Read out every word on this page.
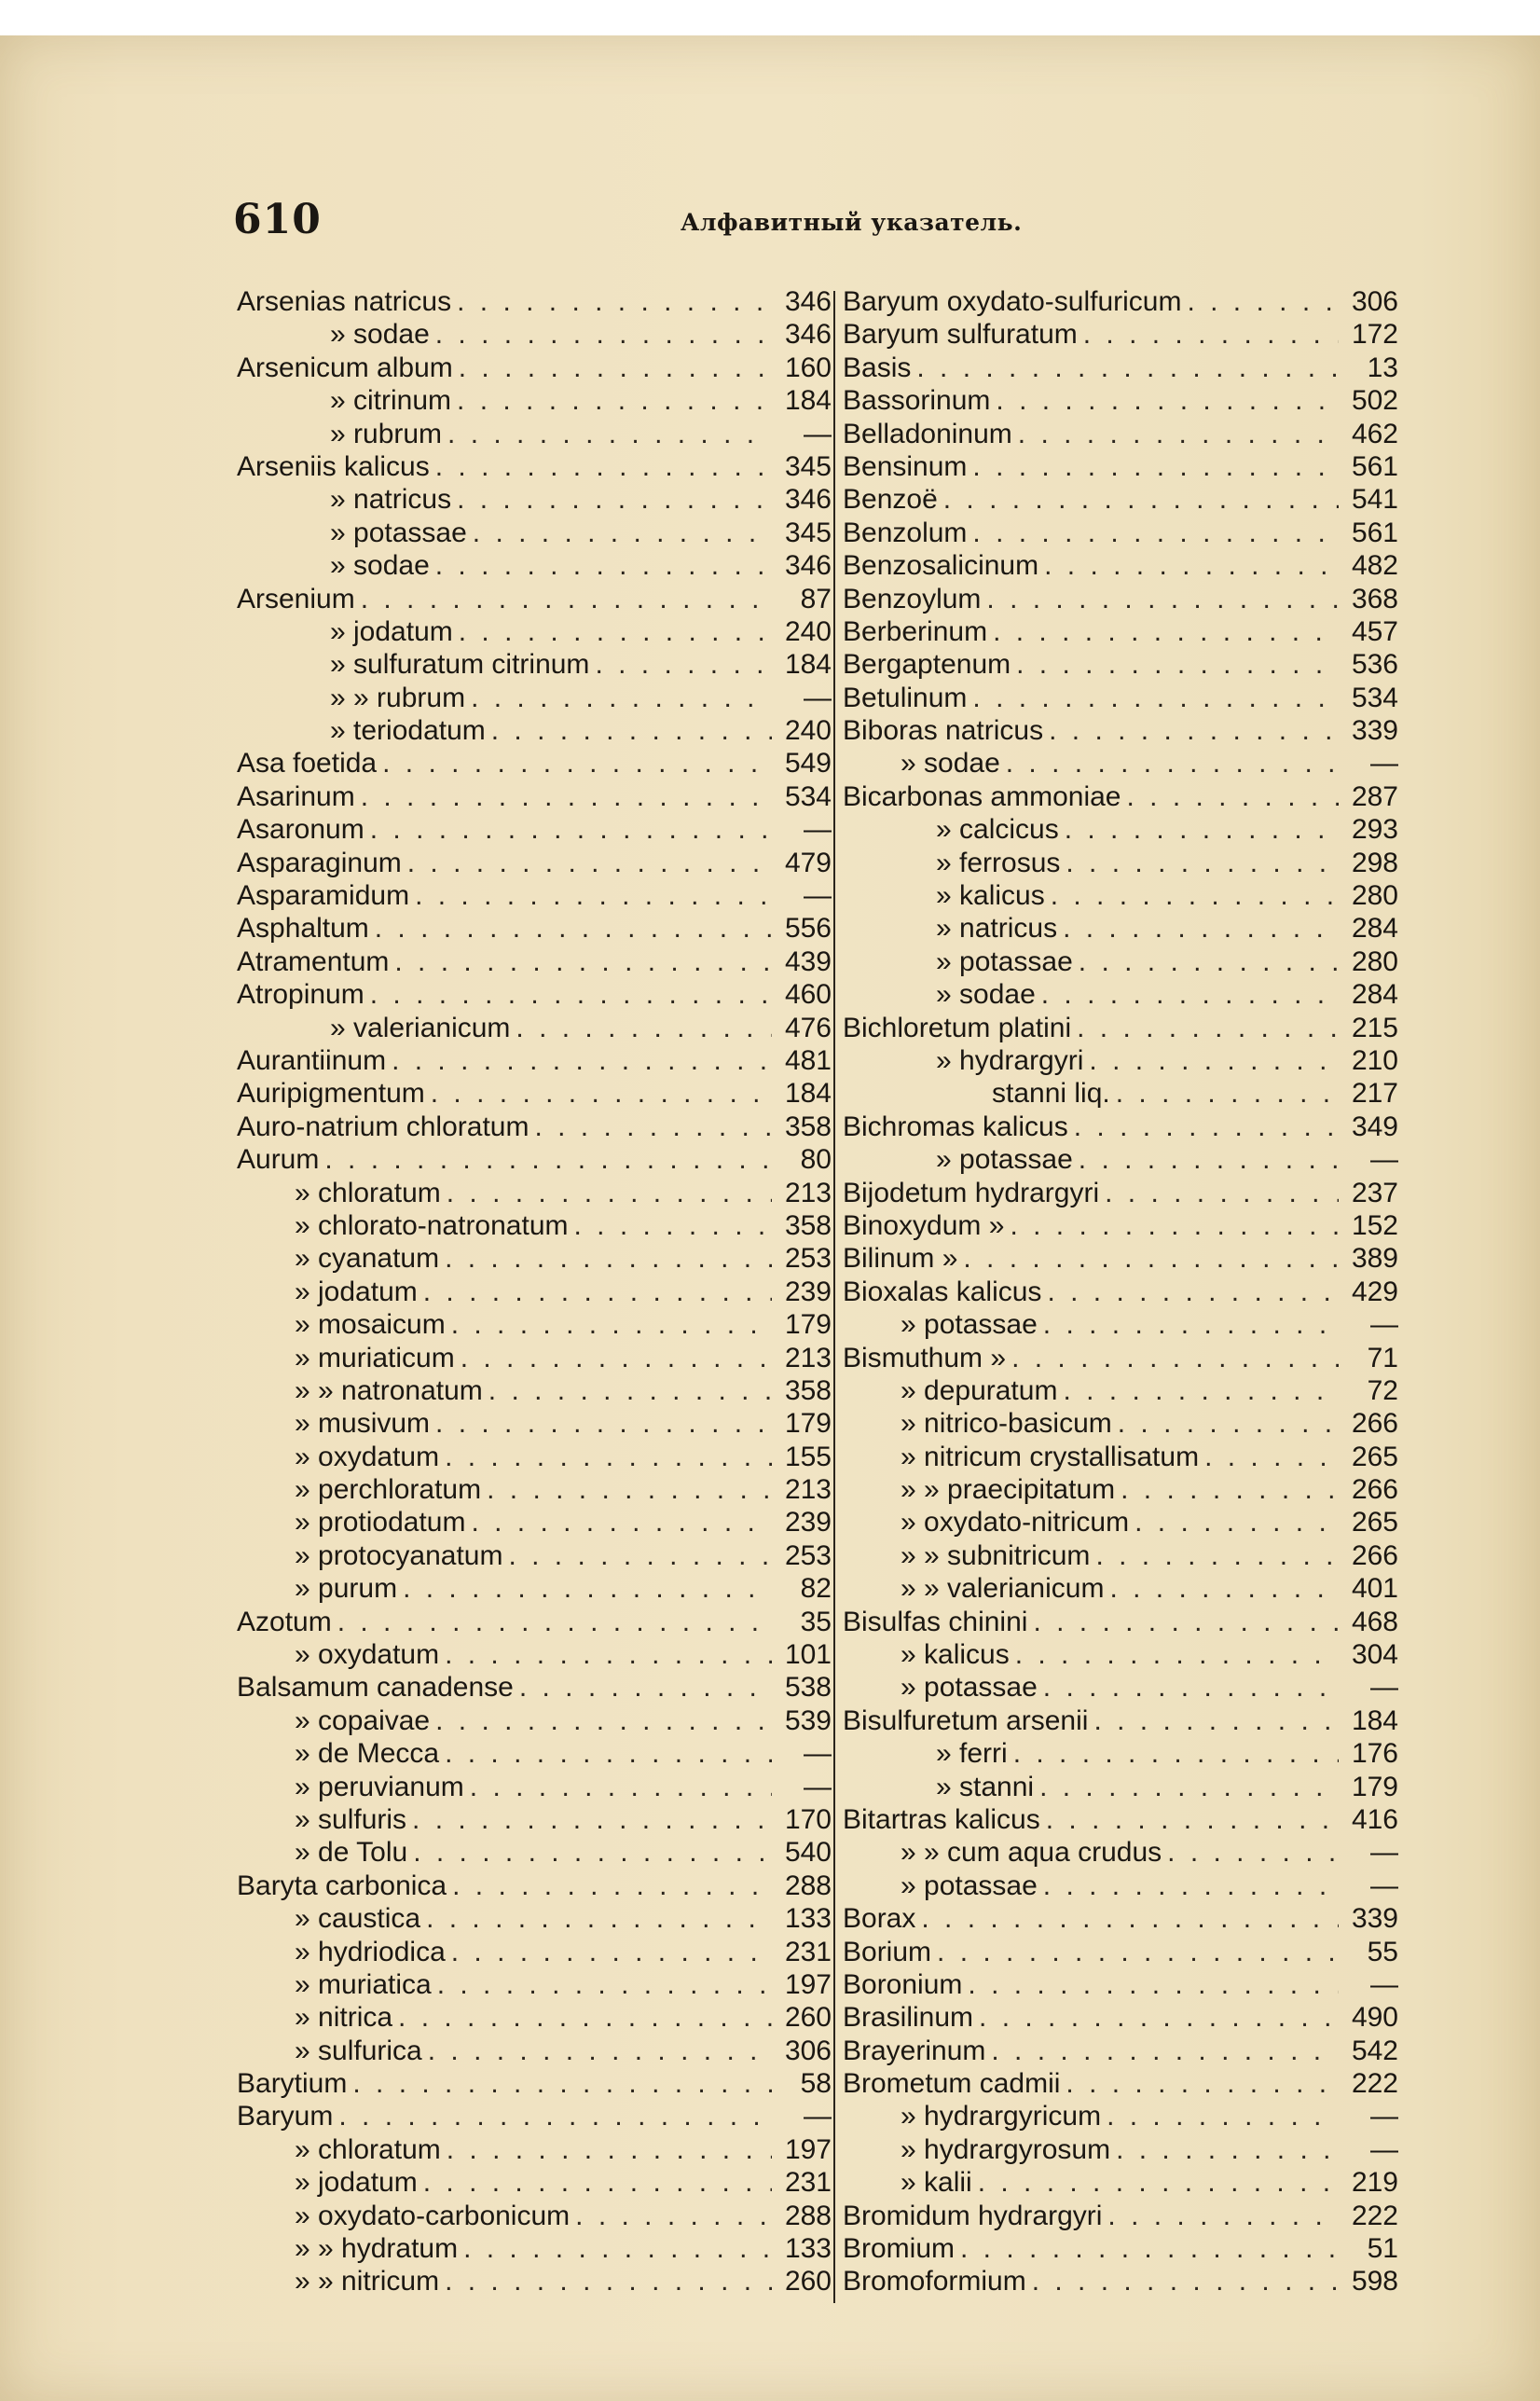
610	Алфавитный указатель.
Arsenias natricus . . .	346
» sodae . . .	346
Arsenicum album . . .	160
» citrinum . . .	184
» rubrum . . .	—
Arseniis kalicus . . .	345
» natricus . . .	346
» potassae . . .	345
» sodae . . .	346
Arsenium . . .	87
» jodatum . . .	240
» sulfuratum citrinum . . .	184
» » rubrum . . .	—
» teriodatum . . .	240
Asa foetida . . .	549
Asarinum . . .	534
Asaronum . . .	—
Asparaginum . . .	479
Asparamidum . . .	—
Asphaltum . . .	556
Atramentum . . .	439
Atropinum . . .	460
» valerianicum . . .	476
Aurantiinum . . .	481
Auripigmentum . . .	184
Auro-natrium chloratum . . .	358
Aurum . . .	80
» chloratum . . .	213
» chlorato-natronatum . . .	358
» cyanatum . . .	253
» jodatum . . .	239
» mosaicum . . .	179
» muriaticum . . .	213
» » natronatum . . .	358
» musivum . . .	179
» oxydatum . . .	155
» perchloratum . . .	213
» protiodatum . . .	239
» protocyanatum . . .	253
» purum . . .	82
Azotum . . .	35
» oxydatum . . .	101
Balsamum canadense . . .	538
» copaivae . . .	539
» de Mecca . . .	—
» peruvianum . . .	—
» sulfuris . . .	170
» de Tolu . . .	540
Baryta carbonica . . .	288
» caustica . . .	133
» hydriodica . . .	231
» muriatica . . .	197
» nitrica . . .	260
» sulfurica . . .	306
Barytium . . .	58
Baryum . . .	—
» chloratum . . .	197
» jodatum . . .	231
» oxydato-carbonicum . . .	288
» » hydratum . . .	133
» » nitricum . . .	260
Baryum oxydato-sulfuricum . . .	306
Baryum sulfuratum . . .	172
Basis . . .	13
Bassorinum . . .	502
Belladoninum . . .	462
Bensinum . . .	561
Benzoë . . .	541
Benzolum . . .	561
Benzosalicinum . . .	482
Benzoylum . . .	368
Berberinum . . .	457
Bergaptenum . . .	536
Betulinum . . .	534
Biboras natricus . . .	339
» sodae . . .	—
Bicarbonas ammoniae . . .	287
» calcicus . . .	293
» ferrosus . . .	298
» kalicus . . .	280
» natricus . . .	284
» potassae . . .	280
» sodae . . .	284
Bichloretum platini . . .	215
» hydrargyri . . .	210
stanni liq. . . .	217
Bichromas kalicus . . .	349
» potassae . . .	—
Bijodetum hydrargyri . . .	237
Binoxydum » . . .	152
Bilinum » . . .	389
Bioxalas kalicus . . .	429
» potassae . . .	—
Bismuthum » . . .	71
» depuratum . . .	72
» nitrico-basicum . . .	266
» nitricum crystallisatum . . .	265
» » praecipitatum . . .	266
» oxydato-nitricum . . .	265
» » subnitricum . . .	266
» » valerianicum . . .	401
Bisulfas chinini . . .	468
» kalicus . . .	304
» potassae . . .	—
Bisulfuretum arsenii . . .	184
» ferri . . .	176
» stanni . . .	179
Bitartras kalicus . . .	416
» » cum aqua crudus . . .	—
» potassae . . .	—
Borax . . .	339
Borium . . .	55
Boronium . . .	—
Brasilinum . . .	490
Brayerinum . . .	542
Brometum cadmii . . .	222
» hydrargyricum . . .	—
» hydrargyrosum . . .	—
» kalii . . .	219
Bromidum hydrargyri . . .	222
Bromium . . .	51
Bromoformium . . .	598
